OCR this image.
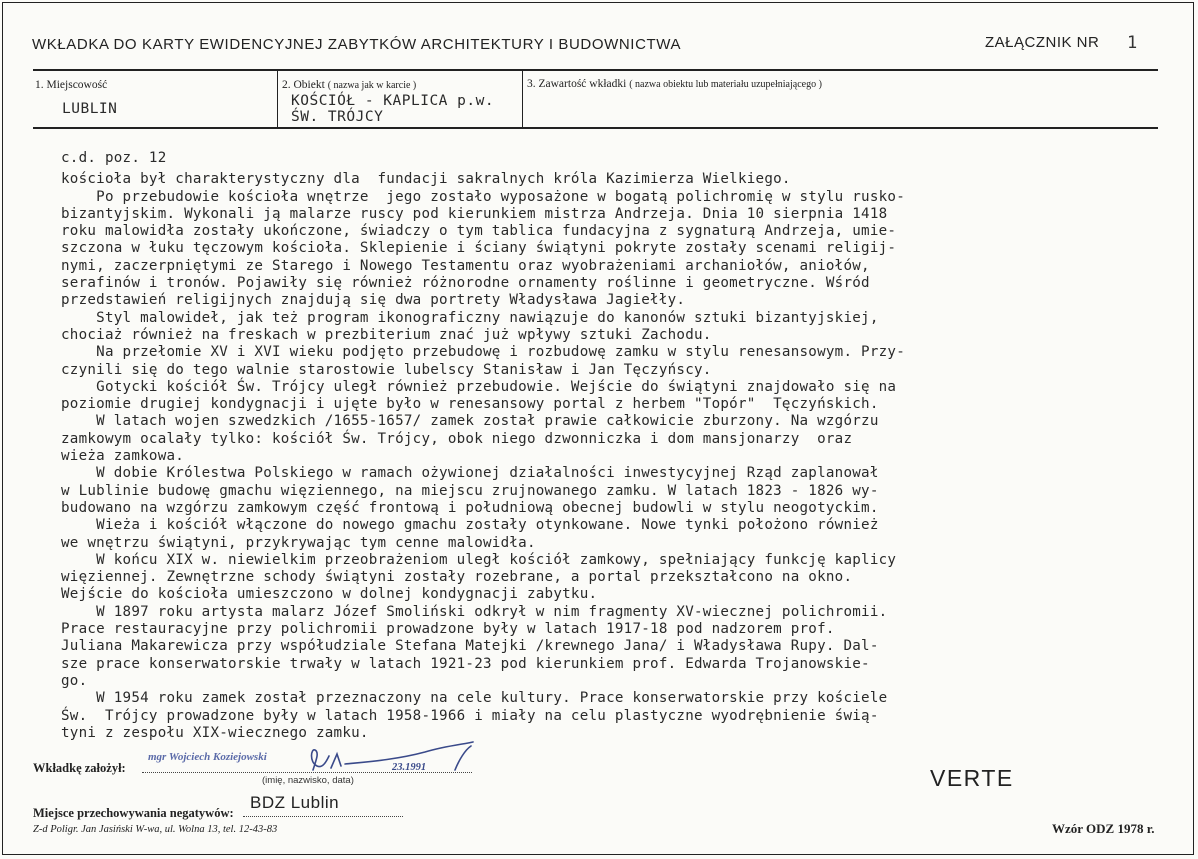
WKŁADKA DO KARTY EWIDENCYJNEJ ZABYTKÓW ARCHITEKTURY I BUDOWNICTWA	ZAŁĄCZNIK NR 1
1. Miejscowość
LUBLIN
2. Obiekt ( nazwa jak w karcie )
KOŚCIÓŁ - KAPLICA p.w.
ŚW. TRÓJCY
3. Zawartość wkładki ( nazwa obiektu lub materiału uzupełniającego )
c.d. poz. 12
kościoła był charakterystyczny dla  fundacji sakralnych króla Kazimierza Wielkiego.
Po przebudowie kościoła wnętrze  jego zostało wyposażone w bogatą polichromię w stylu rusko-
bizantyjskim. Wykonali ją malarze ruscy pod kierunkiem mistrza Andrzeja. Dnia 10 sierpnia 1418
roku malowidła zostały ukończone, świadczy o tym tablica fundacyjna z sygnaturą Andrzeja, umie-
szczona w łuku tęczowym kościoła. Sklepienie i ściany świątyni pokryte zostały scenami religij-
nymi, zaczerpniętymi ze Starego i Nowego Testamentu oraz wyobrażeniami archaniołów, aniołów,
serafinów i tronów. Pojawiły się również różnorodne ornamenty roślinne i geometryczne. Wśród
przedstawień religijnych znajdują się dwa portrety Władysława Jagiełły.
Styl malowideł, jak też program ikonograficzny nawiązuje do kanonów sztuki bizantyjskiej,
chociaż również na freskach w prezbiterium znać już wpływy sztuki Zachodu.
Na przełomie XV i XVI wieku podjęto przebudowę i rozbudowę zamku w stylu renesansowym. Przy-
czynili się do tego walnie starostowie lubelscy Stanisław i Jan Tęczyńscy.
Gotycki kościół Św. Trójcy uległ również przebudowie. Wejście do świątyni znajdowało się na
poziomie drugiej kondygnacji i ujęte było w renesansowy portal z herbem "Topór"  Tęczyńskich.
W latach wojen szwedzkich /1655-1657/ zamek został prawie całkowicie zburzony. Na wzgórzu
zamkowym ocalały tylko: kościół Św. Trójcy, obok niego dzwonniczka i dom mansjonarzy  oraz
wieża zamkowa.
W dobie Królestwa Polskiego w ramach ożywionej działalności inwestycyjnej Rząd zaplanował
w Lublinie budowę gmachu więziennego, na miejscu zrujnowanego zamku. W latach 1823 - 1826 wy-
budowano na wzgórzu zamkowym część frontową i południową obecnej budowli w stylu neogotyckim.
Wieża i kościół włączone do nowego gmachu zostały otynkowane. Nowe tynki położono również
we wnętrzu świątyni, przykrywając tym cenne malowidła.
W końcu XIX w. niewielkim przeobrażeniom uległ kościół zamkowy, spełniający funkcję kaplicy
więziennej. Zewnętrzne schody świątyni zostały rozebrane, a portal przekształcono na okno.
Wejście do kościoła umieszczono w dolnej kondygnacji zabytku.
W 1897 roku artysta malarz Józef Smoliński odkrył w nim fragmenty XV-wiecznej polichromii.
Prace restauracyjne przy polichromii prowadzone były w latach 1917-18 pod nadzorem prof.
Juliana Makarewicza przy współudziale Stefana Matejki /krewnego Jana/ i Władysława Rupy. Dal-
sze prace konserwatorskie trwały w latach 1921-23 pod kierunkiem prof. Edwarda Trojanowskie-
go.
W 1954 roku zamek został przeznaczony na cele kultury. Prace konserwatorskie przy kościele
Św.  Trójcy prowadzone były w latach 1958-1966 i miały na celu plastyczne wyodrębnienie świą-
tyni z zespołu XIX-wiecznego zamku.
Wkładkę założył:
mgr Wojciech Koziejowski
23.1991
(imię, nazwisko, data)	VERTE
Miejsce przechowywania negatywów:
BDZ Lublin
Z-d Poligr. Jan Jasiński W-wa, ul. Wolna 13, tel. 12-43-83	Wzór ODZ 1978 r.
